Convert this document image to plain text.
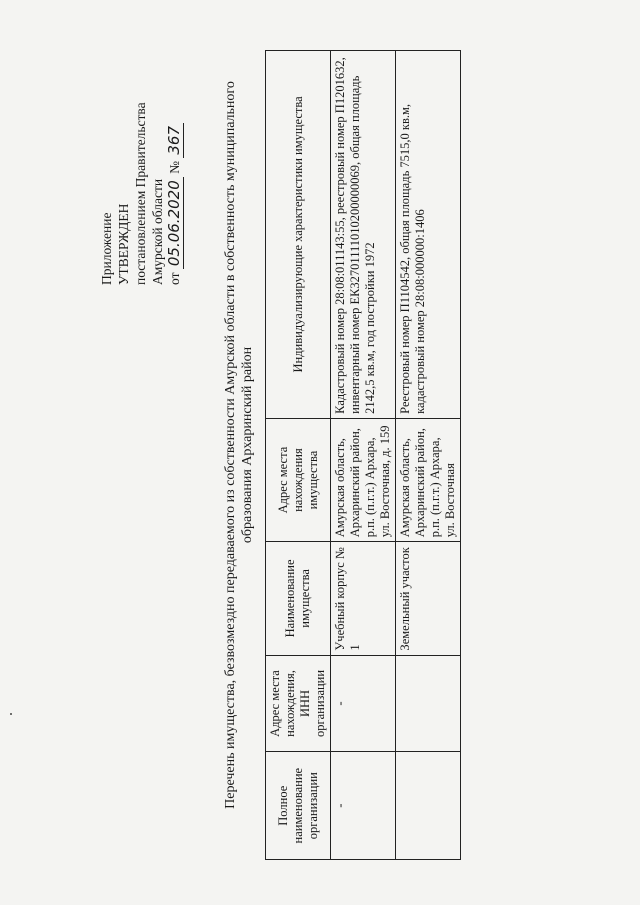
Приложение УТВЕРЖДЕН постановлением Правительства Амурской области от 05.06.2020 № 367	Перечень имущества, безвозмездно передаваемого из собственности Амурской области в собственность муниципального образования Архаринский район
Полное наименование организации	Адрес места нахождения, ИНН организации	Наименование имущества	Адрес места нахождения имущества	Индивидуализирующие характеристики имущества
-	-	Учебный корпус № 1	Амурская область, Архаринский район, р.п. (п.г.т.) Архара, ул. Восточная, д. 159	Кадастровый номер 28:08:011143:55, реестровый номер П1201632, инвентарный номер ЕК32701111010200000069, общая площадь 2142,5 кв.м, год постройки 1972
		Земельный участок	Амурская область, Архаринский район, р.п. (п.г.т.) Архара, ул. Восточная	Реестровый номер П1104542, общая площадь 7515,0 кв.м, кадастровый номер 28:08:000000:1406
